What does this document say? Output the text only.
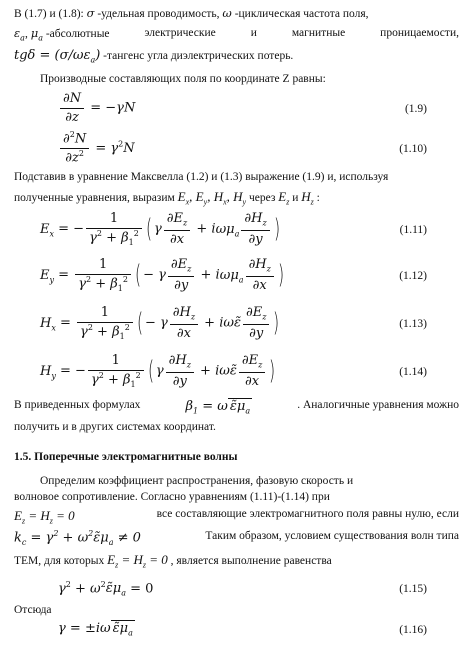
В (1.7) и (1.8): σ -удельная проводимость, ω -циклическая частота поля,
$\varepsilon_a$, $\mu_a$ -абсолютные	электрические	и	магнитные	проницаемости,
$tg\delta = (\sigma/\omega\varepsilon_a)$ -тангенс угла диэлектрических потерь.
Производные составляющих поля по координате Z равны:
$\frac{\partial N}{\partial z} = -\gamma N$	(1.9)
$\frac{\partial^2N}{\partial z^2} = \gamma^2N$	(1.10)
Подставив в уравнение Максвелла (1.2) и (1.3) выражение (1.9) и, используя
полученные уравнения, выразим $E_x$, $E_y$, $H_x$, $H_y$ через $E_z$ и $H_z$ :
$E_x$ = − $\frac{1}{\gamma^2 + \beta_1^2}$ ( γ $\frac{\partial E_z}{\partial x} + i\omega\mu_a \frac{\partial H_z}{\partial y}$ )	(1.11)
$E_y = \frac{1}{\gamma^2 + \beta_1^2}$ ( − γ $\frac{\partial E_z}{\partial y} + i\omega\mu_a \frac{\partial H_z}{\partial x}$ )	(1.12)
$H_x = \frac{1}{\gamma^2 + \beta_1^2}$ ( − γ $\frac{\partial H_z}{\partial x}$ + iωε̃ $\frac{\partial E_z}{\partial y}$ )	(1.13)
$H_y$ = − $\frac{1}{\gamma^2 + \beta_1^2}$ ( γ $\frac{\partial H_z}{\partial y}$ + iωε̃ $\frac{\partial E_z}{\partial x}$ )	(1.14)
В приведенных формулах	$\beta_1 = \omega$ $\varepsiloñ\mu_a$
. Аналогичные уравнения можно
получить и в других системах координат.
1.5. Поперечные электромагнитные волны
Определим коэффициент распространения, фазовую скорость и
волновое сопротивление. Согласно уравнениям (1.11)-(1.14) при
$E_z = H_z = 0$	все составляющие электромагнитного поля равны нулю, если
$k_c = \gamma^2$ + $\omega^2\varepsiloñ\mu_a \ne 0$	Таким образом, условием существования волн типа
TEM, для которых $E_z = H_z = 0$ , является выполнение равенства
$\gamma^2$ + $\omega^2\varepsiloñ\mu_a = 0$	(1.15)
Отсюда
γ = ±iω $\varepsiloñ\mu_a$	(1.16)
